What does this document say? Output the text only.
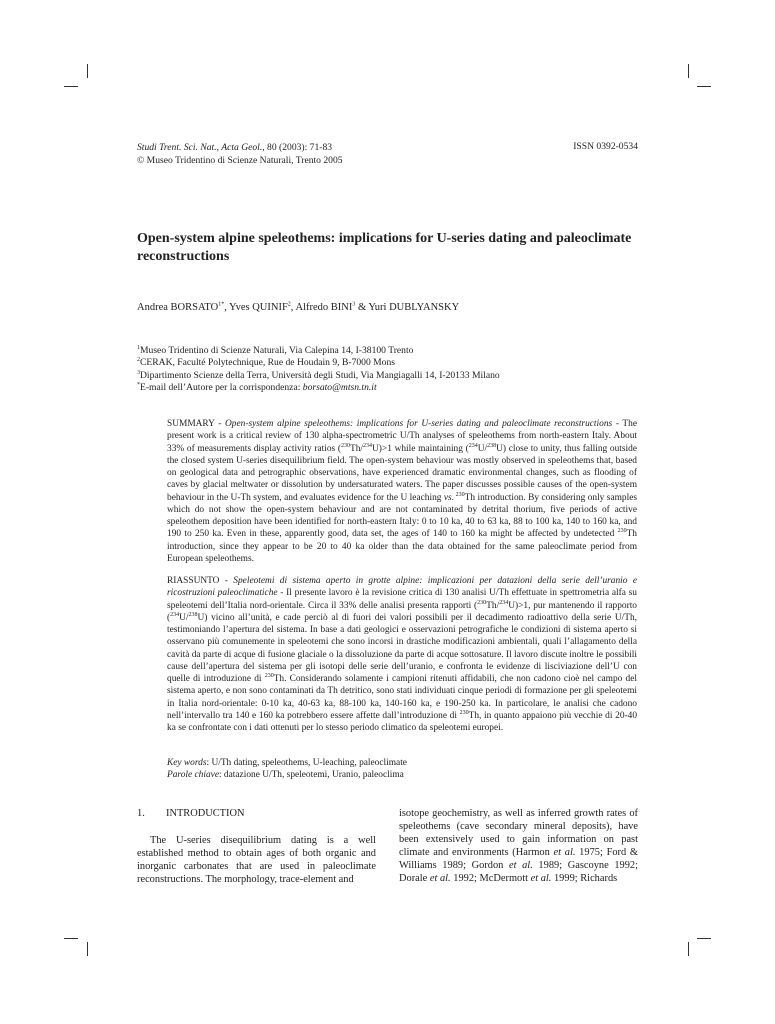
Studi Trent. Sci. Nat., Acta Geol., 80 (2003): 71-83
© Museo Tridentino di Scienze Naturali, Trento 2005
ISSN 0392-0534
Open-system alpine speleothems: implications for U-series dating and paleoclimate reconstructions
Andrea $BORSATO^{1*}$, Yves QUINIF$^2$, Alfredo BINI$^3$ & Yuri DUBLYANSKY
$^1$Museo Tridentino di Scienze Naturali, Via Calepina 14, I-38100 Trento
$^2$CERAK, Faculté Polytechnique, Rue de Houdain 9, B-7000 Mons
$^3$Dipartimento Scienze della Terra, Università degli Studi, Via Mangiagalli 14, I-20133 Milano
*E-mail dell’Autore per la corrispondenza: borsato@mtsn.tn.it

SUMMARY - Open-system alpine speleothems: implications for U-series dating and paleoclimate reconstructions - The present work is a critical review of 130 alpha-spectrometric U/Th analyses of speleothems from north-eastern Italy. About 33% of measurements display activity ratios ($^{230}$Th/$^{234}$U)>1 while maintaining ($^{234}$U/$^{238}$U) close to unity, thus falling outside the closed system U-series disequilibrium field. The open-system behaviour was mostly observed in speleothems that, based on geological data and petrographic observations, have experienced dramatic environmental changes, such as flooding of caves by glacial meltwater or dissolution by undersaturated waters. The paper discusses possible causes of the open-system behaviour in the U-Th system, and evaluates evidence for the U leaching vs. $^{230}$Th introduction. By considering only samples which do not show the open-system behaviour and are not contaminated by detrital thorium, five periods of active speleothem deposition have been identified for north-eastern Italy: 0 to 10 ka, 40 to 63 ka, 88 to 100 ka, 140 to 160 ka, and 190 to 250 ka. Even in these, apparently good, data set, the ages of 140 to 160 ka might be affected by undetected $^{230}$Th introduction, since they appear to be 20 to 40 ka older than the data obtained for the same paleoclimate period from European speleothems.

RIASSUNTO - Speleotemi di sistema aperto in grotte alpine: implicazioni per datazioni della serie dell’uranio e ricostruzioni paleoclimatiche - Il presente lavoro è la revisione critica di 130 analisi U/Th effettuate in spettrometria alfa su speleotemi dell’Italia nord-orientale. Circa il 33% delle analisi presenta rapporti ($^{230}$Th/$^{234}$U)>1, pur mantenendo il rapporto ($^{234}$U/$^{238}$U) vicino all’unità, e cade perciò al di fuori dei valori possibili per il decadimento radioattivo della serie U/Th, testimoniando l’apertura del sistema. In base a dati geologici e osservazioni petrografiche le condizioni di sistema aperto si osservano più comunemente in speleotemi che sono incorsi in drastiche modificazioni ambientali, quali l’allagamento della cavità da parte di acque di fusione glaciale o la dissoluzione da parte di acque sottosature. Il lavoro discute inoltre le possibili cause dell’apertura del sistema per gli isotopi delle serie dell’uranio, e confronta le evidenze di lisciviazione dell’U con quelle di introduzione di $^{230}$Th. Considerando solamente i campioni ritenuti affidabili, che non cadono cioè nel campo del sistema aperto, e non sono contaminati da Th detritico, sono stati individuati cinque periodi di formazione per gli speleotemi in Italia nord-orientale: 0-10 ka, 40-63 ka, 88-100 ka, 140-160 ka, e 190-250 ka. In particolare, le analisi che cadono nell’intervallo tra 140 e 160 ka potrebbero essere affette dall’introduzione di $^{230}$Th, in quanto appaiono più vecchie di 20-40 ka se confrontate con i dati ottenuti per lo stesso periodo climatico da speleotemi europei.

Key words: U/Th dating, speleothems, U-leaching, paleoclimate
Parole chiave: datazione U/Th, speleotemi, Uranio, paleoclima
1. INTRODUCTION

The U-series disequilibrium dating is a well established method to obtain ages of both organic and inorganic carbonates that are used in paleoclimate reconstructions. The morphology, trace-element and

isotope geochemistry, as well as inferred growth rates of speleothems (cave secondary mineral deposits), have been extensively used to gain information on past climate and environments (Harmon et al. 1975; Ford & Williams 1989; Gordon et al. 1989; Gascoyne 1992; Dorale et al. 1992; McDermott et al. 1999; Richards
